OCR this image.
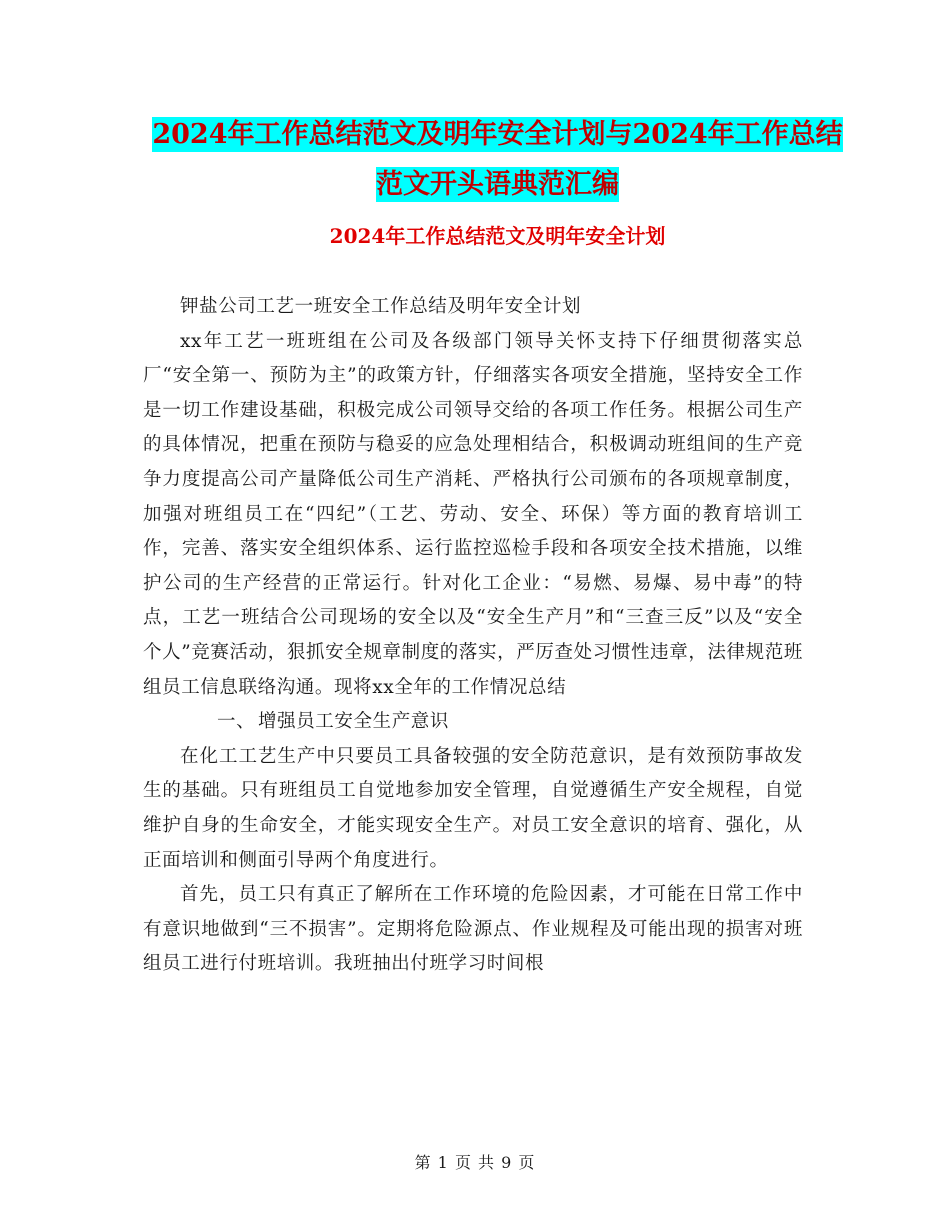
2024年工作总结范文及明年安全计划与2024年工作总结范文开头语典范汇编
2024年工作总结范文及明年安全计划

钾盐公司工艺一班安全工作总结及明年安全计划

xx年工艺一班班组在公司及各级部门领导关怀支持下仔细贯彻落实总厂“安全第一、预防为主”的政策方针，仔细落实各项安全措施，坚持安全工作是一切工作建设基础，积极完成公司领导交给的各项工作任务。根据公司生产的具体情况，把重在预防与稳妥的应急处理相结合，积极调动班组间的生产竞争力度提高公司产量降低公司生产消耗、严格执行公司颁布的各项规章制度，加强对班组员工在“四纪”（工艺、劳动、安全、环保）等方面的教育培训工作，完善、落实安全组织体系、运行监控巡检手段和各项安全技术措施，以维护公司的生产经营的正常运行。针对化工企业：“易燃、易爆、易中毒”的特点，工艺一班结合公司现场的安全以及“安全生产月”和“三查三反”以及“安全个人”竞赛活动，狠抓安全规章制度的落实，严厉查处习惯性违章，法律规范班组员工信息联络沟通。现将xx全年的工作情况总结

一、 增强员工安全生产意识

在化工工艺生产中只要员工具备较强的安全防范意识，是有效预防事故发生的基础。只有班组员工自觉地参加安全管理，自觉遵循生产安全规程，自觉维护自身的生命安全，才能实现安全生产。对员工安全意识的培育、强化，从正面培训和侧面引导两个角度进行。

首先，员工只有真正了解所在工作环境的危险因素，才可能在日常工作中有意识地做到“三不损害”。定期将危险源点、作业规程及可能出现的损害对班组员工进行付班培训。我班抽出付班学习时间根

第 1 页 共 9 页
